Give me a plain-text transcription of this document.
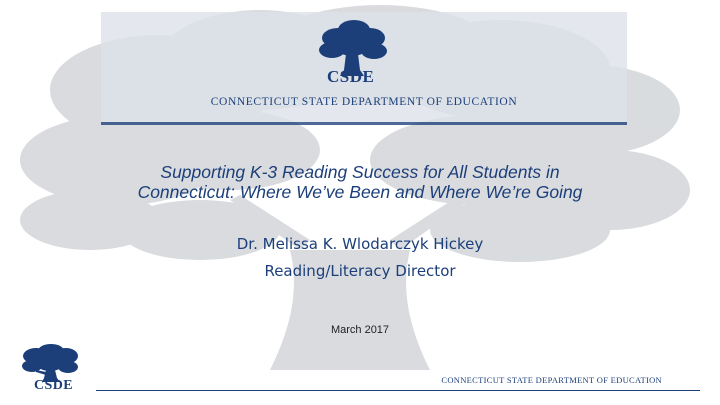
CSDE
CONNECTICUT STATE DEPARTMENT OF EDUCATION
Supporting K-3 Reading Success for All Students in Connecticut: Where We’ve Been and Where We’re Going
Dr. Melissa K. Wlodarczyk Hickey
Reading/Literacy Director
March 2017
CSDE	CONNECTICUT STATE DEPARTMENT OF EDUCATION
